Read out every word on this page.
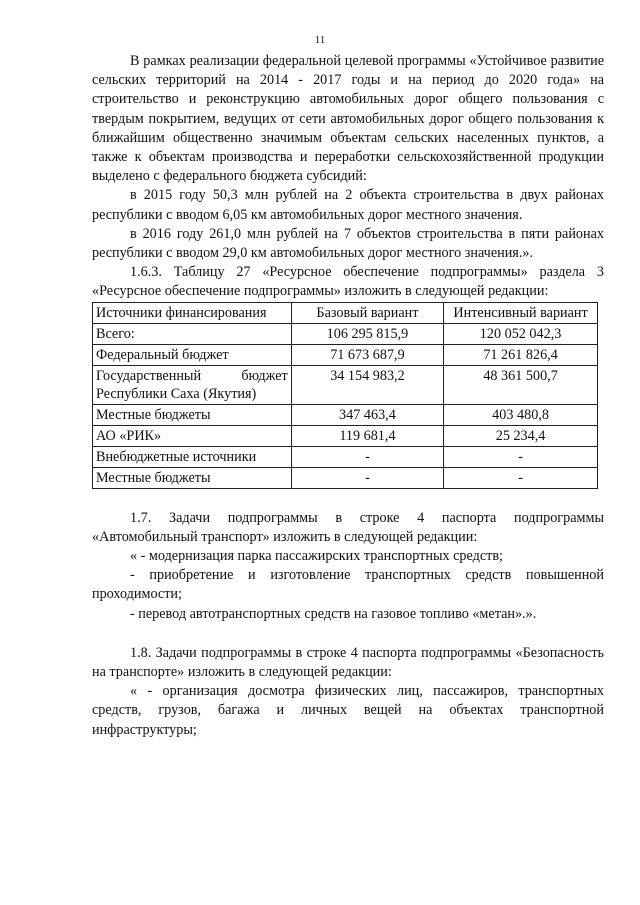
11

В рамках реализации федеральной целевой программы «Устойчивое развитие сельских территорий на 2014 - 2017 годы и на период до 2020 года» на строительство и реконструкцию автомобильных дорог общего пользования с твердым покрытием, ведущих от сети автомобильных дорог общего пользования к ближайшим общественно значимым объектам сельских населенных пунктов, а также к объектам производства и переработки сельскохозяйственной продукции выделено с федерального бюджета субсидий:

в 2015 году 50,3 млн рублей на 2 объекта строительства в двух районах республики с вводом 6,05 км автомобильных дорог местного значения.

в 2016 году 261,0 млн рублей на 7 объектов строительства в пяти районах республики с вводом 29,0 км автомобильных дорог местного значения.».

1.6.3. Таблицу 27 «Ресурсное обеспечение подпрограммы» раздела 3 «Ресурсное обеспечение подпрограммы» изложить в следующей редакции:

Источники финансирования	Базовый вариант	Интенсивный вариант
Всего:	106 295 815,9	120 052 042,3
Федеральный бюджет	71 673 687,9	71 261 826,4
Государственный бюджет Республики Саха (Якутия)	34 154 983,2	48 361 500,7
Местные бюджеты	347 463,4	403 480,8
АО «РИК»	119 681,4	25 234,4
Внебюджетные источники	-	-
Местные бюджеты	-	-

1.7. Задачи подпрограммы в строке 4 паспорта подпрограммы «Автомобильный транспорт» изложить в следующей редакции:

« - модернизация парка пассажирских транспортных средств;

- приобретение и изготовление транспортных средств повышенной проходимости;

- перевод автотранспортных средств на газовое топливо «метан».».

1.8. Задачи подпрограммы в строке 4 паспорта подпрограммы «Безопасность на транспорте» изложить в следующей редакции:

« - организация досмотра физических лиц, пассажиров, транспортных средств, грузов, багажа и личных вещей на объектах транспортной инфраструктуры;
